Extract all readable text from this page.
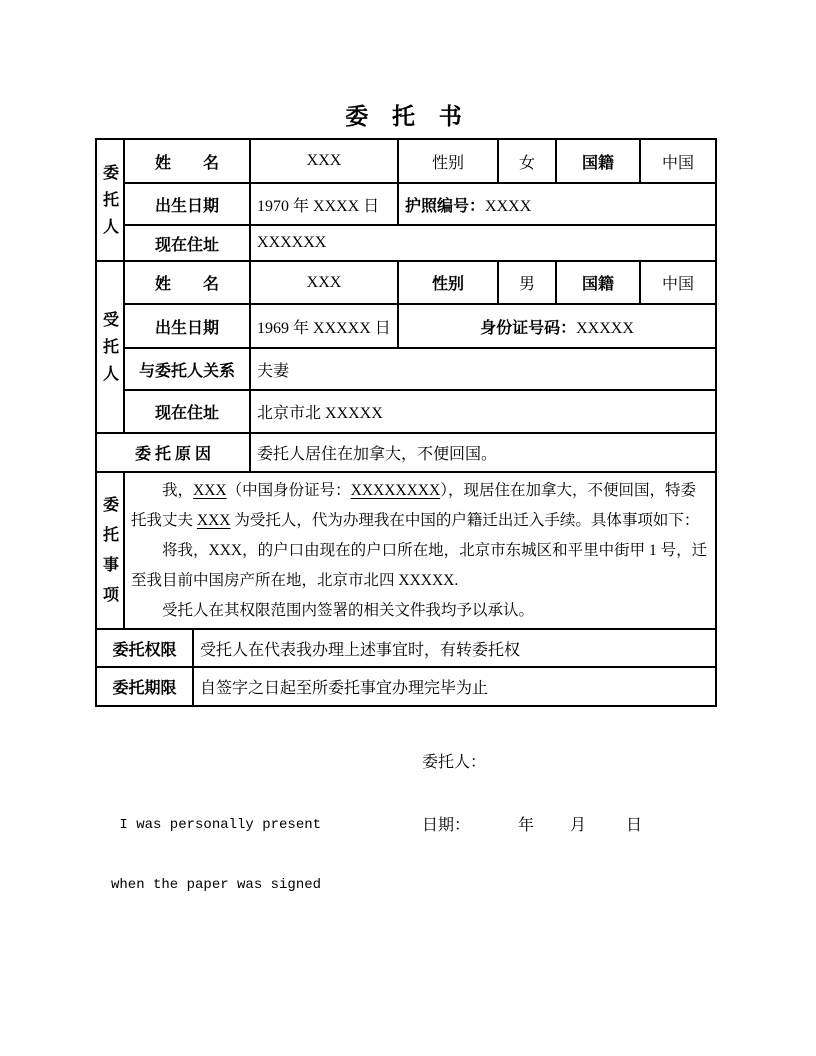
委 托 书
委托人	姓　　名		XXX	性别	女	国籍	中国
	出生日期		1970 年 XXXX 日	护照编号：XXXX			
	现在住址		XXXXXX				

受托人	姓　　名		XXX	性别	男	国籍	中国
	出生日期		1969 年 XXXXX 日	身份证号码：XXXXX			
	与委托人关系		夫妻				
	现在住址		北京市北 XXXXX				
委 托 原 因			委托人居住在加拿大，不便回国。				

委托事项	我，XXX（中国身份证号：XXXXXXXX），现居住在加拿大，不便回国，特委托我丈夫 XXX 为受托人，代为办理我在中国的户籍迁出迁入手续。具体事项如下：

将我，XXX，的户口由现在的户口所在地，北京市东城区和平里中街甲 1 号，迁至我目前中国房产所在地，北京市北四 XXXXX.

受托人在其权限范围内签署的相关文件我均予以承认。						

委托权限		受托人在代表我办理上述事宜时，有转委托权					
委托期限		自签字之日起至所委托事宜办理完毕为止					

委托人：

日期：	年 月	日

I was personally present

when the paper was signed
